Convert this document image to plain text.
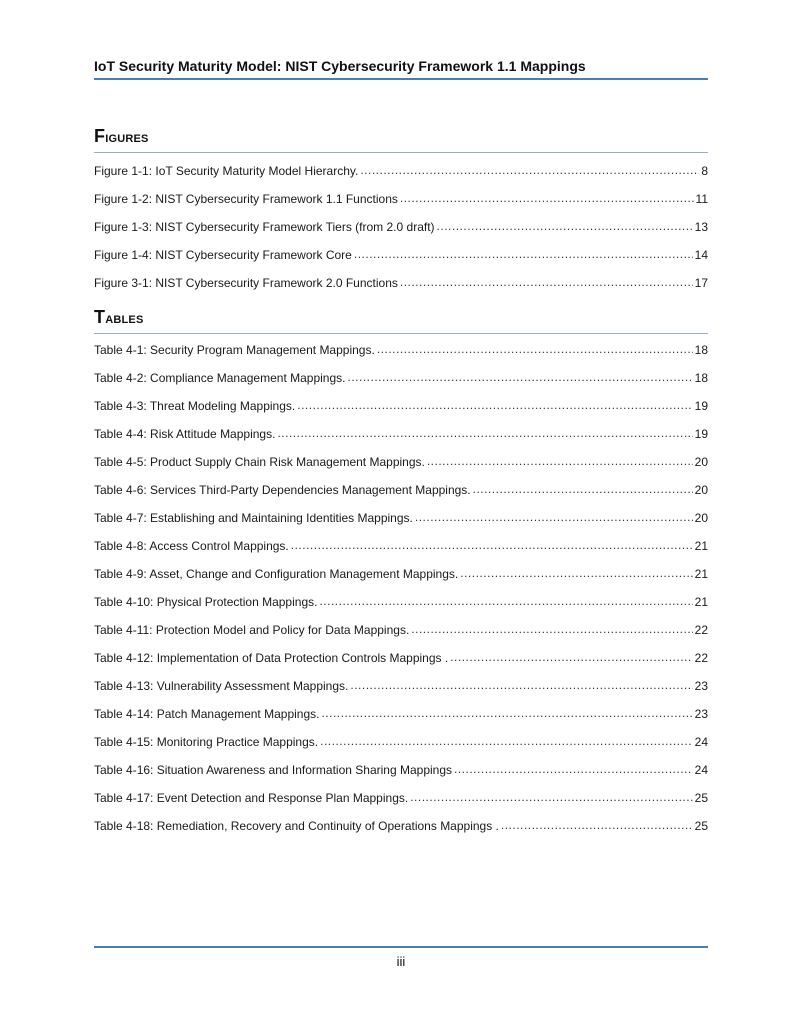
IoT Security Maturity Model: NIST Cybersecurity Framework 1.1 Mappings
Figures
Figure 1-1: IoT Security Maturity Model Hierarchy. .....	8
Figure 1-2: NIST Cybersecurity Framework 1.1 Functions .....	11
Figure 1-3: NIST Cybersecurity Framework Tiers (from 2.0 draft) .....	13
Figure 1-4: NIST Cybersecurity Framework Core .....	14
Figure 3-1: NIST Cybersecurity Framework 2.0 Functions .....	17
Tables
Table 4-1: Security Program Management Mappings. .....	18
Table 4-2: Compliance Management Mappings. .....	18
Table 4-3: Threat Modeling Mappings. .....	19
Table 4-4: Risk Attitude Mappings. .....	19
Table 4-5: Product Supply Chain Risk Management Mappings. .....	20
Table 4-6: Services Third-Party Dependencies Management Mappings. .....	20
Table 4-7: Establishing and Maintaining Identities Mappings. .....	20
Table 4-8: Access Control Mappings. .....	21
Table 4-9: Asset, Change and Configuration Management Mappings. .....	21
Table 4-10: Physical Protection Mappings. .....	21
Table 4-11: Protection Model and Policy for Data Mappings. .....	22
Table 4-12: Implementation of Data Protection Controls Mappings . .....	22
Table 4-13: Vulnerability Assessment Mappings. .....	23
Table 4-14: Patch Management Mappings. .....	23
Table 4-15: Monitoring Practice Mappings. .....	24
Table 4-16: Situation Awareness and Information Sharing Mappings .....	24
Table 4-17: Event Detection and Response Plan Mappings. .....	25
Table 4-18: Remediation, Recovery and Continuity of Operations Mappings . .....	25
iii
